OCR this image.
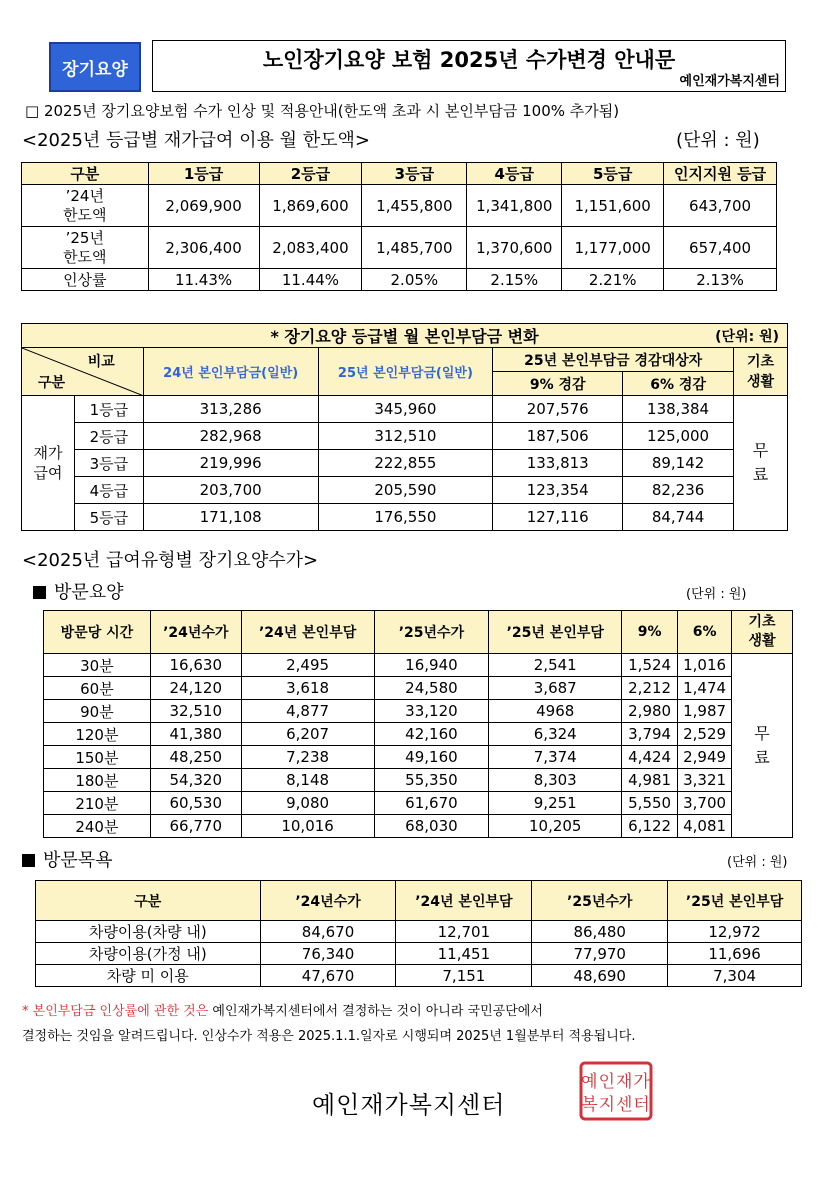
장기요양	노인장기요양 보험 2025년 수가변경 안내문
예인재가복지센터
□ 2025년 장기요양보험 수가 인상 및 적용안내(한도액 초과 시 본인부담금 100% 추가됨)
<2025년 등급별 재가급여 이용 월 한도액>	(단위 : 원)
구분	1등급	2등급	3등급	4등급	5등급	인지지원 등급
’24년
한도액	2,069,900	1,869,600	1,455,800	1,341,800	1,151,600	643,700
’25년
한도액	2,306,400	2,083,400	1,485,700	1,370,600	1,177,000	657,400
인상률	11.43%	11.44%	2.05%	2.15%	2.21%	2.13%
* 장기요양 등급별 월 본인부담금 변화 (단위: 원)						

비교
구분		24년 본인부담금(일반)	25년 본인부담금(일반)	25년 본인부담금 경감대상자		기초
생활
				9% 경감	6% 경감	
재가
급여	1등급	313,286	345,960	207,576	138,384	무
료
	2등급	282,968	312,510	187,506	125,000	
	3등급	219,996	222,855	133,813	89,142	
	4등급	203,700	205,590	123,354	82,236	
	5등급	171,108	176,550	127,116	84,744	
<2025년 급여유형별 장기요양수가>
방문요양	(단위 : 원)
방문당 시간	’24년수가	’24년 본인부담	’25년수가	’25년 본인부담	9%	6%	기초
생활
30분	16,630	2,495	16,940	2,541	1,524	1,016	무
료
60분	24,120	3,618	24,580	3,687	2,212	1,474	
90분	32,510	4,877	33,120	4968	2,980	1,987	
120분	41,380	6,207	42,160	6,324	3,794	2,529	
150분	48,250	7,238	49,160	7,374	4,424	2,949	
180분	54,320	8,148	55,350	8,303	4,981	3,321	
210분	60,530	9,080	61,670	9,251	5,550	3,700	
240분	66,770	10,016	68,030	10,205	6,122	4,081	
방문목욕	(단위 : 원)
구분	’24년수가	’24년 본인부담	’25년수가	’25년 본인부담
차량이용(차량 내)	84,670	12,701	86,480	12,972
차량이용(가정 내)	76,340	11,451	77,970	11,696
차량 미 이용	47,670	7,151	48,690	7,304
* 본인부담금 인상률에 관한 것은 예인재가복지센터에서 결정하는 것이 아니라 국민공단에서
결정하는 것임을 알려드립니다. 인상수가 적용은 2025.1.1.일자로 시행되며 2025년 1월분부터 적용됩니다.
예인재가복지센터
예인재가
복지센터
